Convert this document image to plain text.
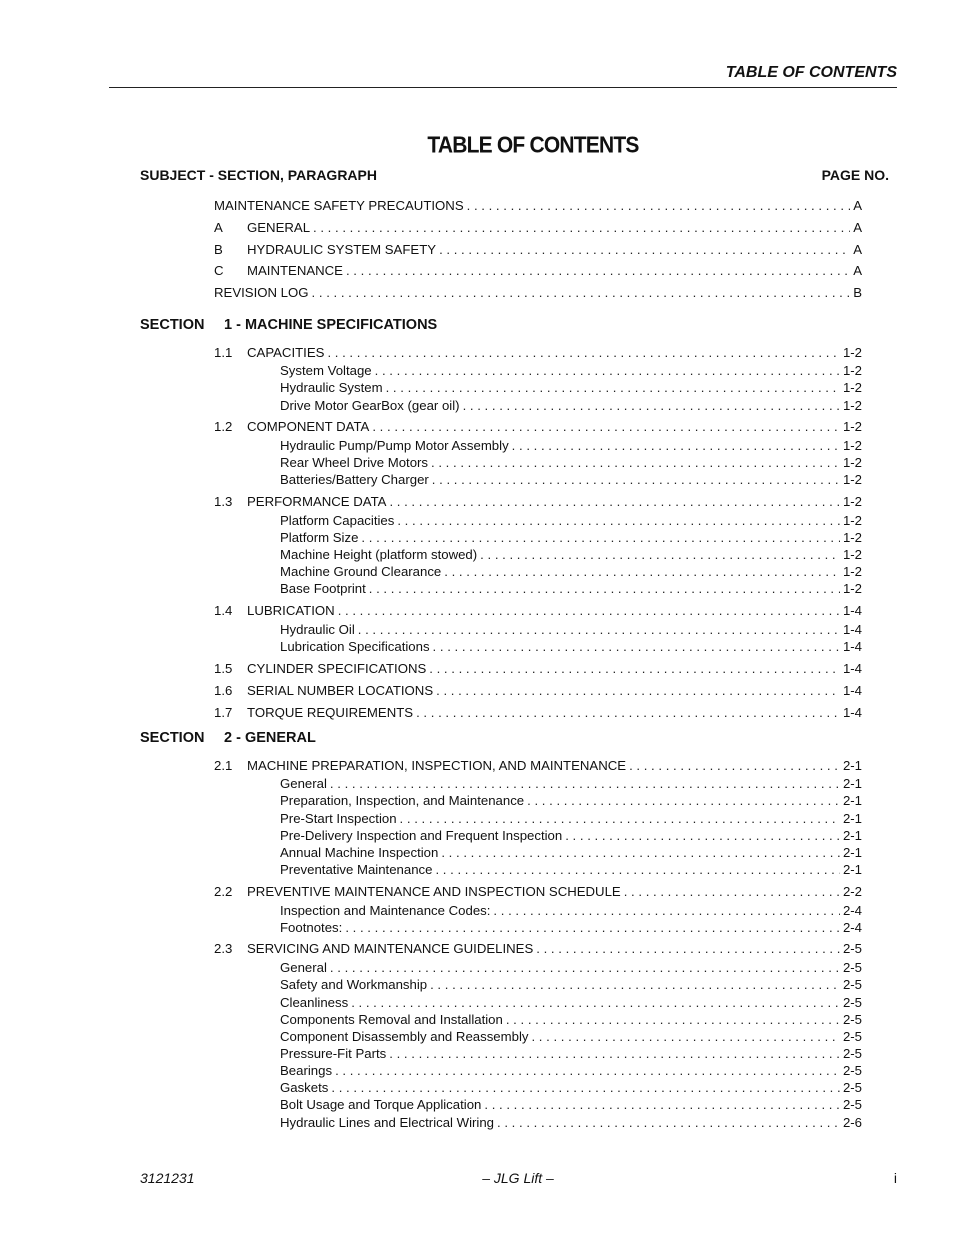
TABLE OF CONTENTS
TABLE OF CONTENTS
SUBJECT - SECTION, PARAGRAPH	PAGE NO.
MAINTENANCE SAFETY PRECAUTIONS . . .	A
A	GENERAL . . .	A
B	HYDRAULIC SYSTEM SAFETY . . .	A
C	MAINTENANCE . . .	A
REVISION LOG . . .	B
SECTION 1 - MACHINE SPECIFICATIONS
SECTION 2 - GENERAL
1.1	CAPACITIES . . .	1-2
System Voltage . . .	1-2
Hydraulic System . . .	1-2
Drive Motor GearBox (gear oil) . . .	1-2
1.2	COMPONENT DATA . . .	1-2
Hydraulic Pump/Pump Motor Assembly . . .	1-2
Rear Wheel Drive Motors . . .	1-2
Batteries/Battery Charger . . .	1-2
1.3	PERFORMANCE DATA . . .	1-2
Platform Capacities . . .	1-2
Platform Size . . .	1-2
Machine Height (platform stowed) . . .	1-2
Machine Ground Clearance . . .	1-2
Base Footprint . . .	1-2
1.4	LUBRICATION . . .	1-4
Hydraulic Oil . . .	1-4
Lubrication Specifications . . .	1-4
1.5	CYLINDER SPECIFICATIONS . . .	1-4
1.6	SERIAL NUMBER LOCATIONS . . .	1-4
1.7	TORQUE REQUIREMENTS . . .	1-4
2.1	MACHINE PREPARATION, INSPECTION, AND MAINTENANCE . . .	2-1
General . . .	2-1
Preparation, Inspection, and Maintenance . . .	2-1
Pre-Start Inspection . . .	2-1
Pre-Delivery Inspection and Frequent Inspection . . .	2-1
Annual Machine Inspection . . .	2-1
Preventative Maintenance . . .	2-1
2.2	PREVENTIVE MAINTENANCE AND INSPECTION SCHEDULE . . .	2-2
Inspection and Maintenance Codes: . . .	2-4
Footnotes: . . .	2-4
2.3	SERVICING AND MAINTENANCE GUIDELINES . . .	2-5
General . . .	2-5
Safety and Workmanship . . .	2-5
Cleanliness . . .	2-5
Components Removal and Installation . . .	2-5
Component Disassembly and Reassembly . . .	2-5
Pressure-Fit Parts . . .	2-5
Bearings . . .	2-5
Gaskets . . .	2-5
Bolt Usage and Torque Application . . .	2-5
Hydraulic Lines and Electrical Wiring . . .	2-6
3121231	– JLG Lift –	i
